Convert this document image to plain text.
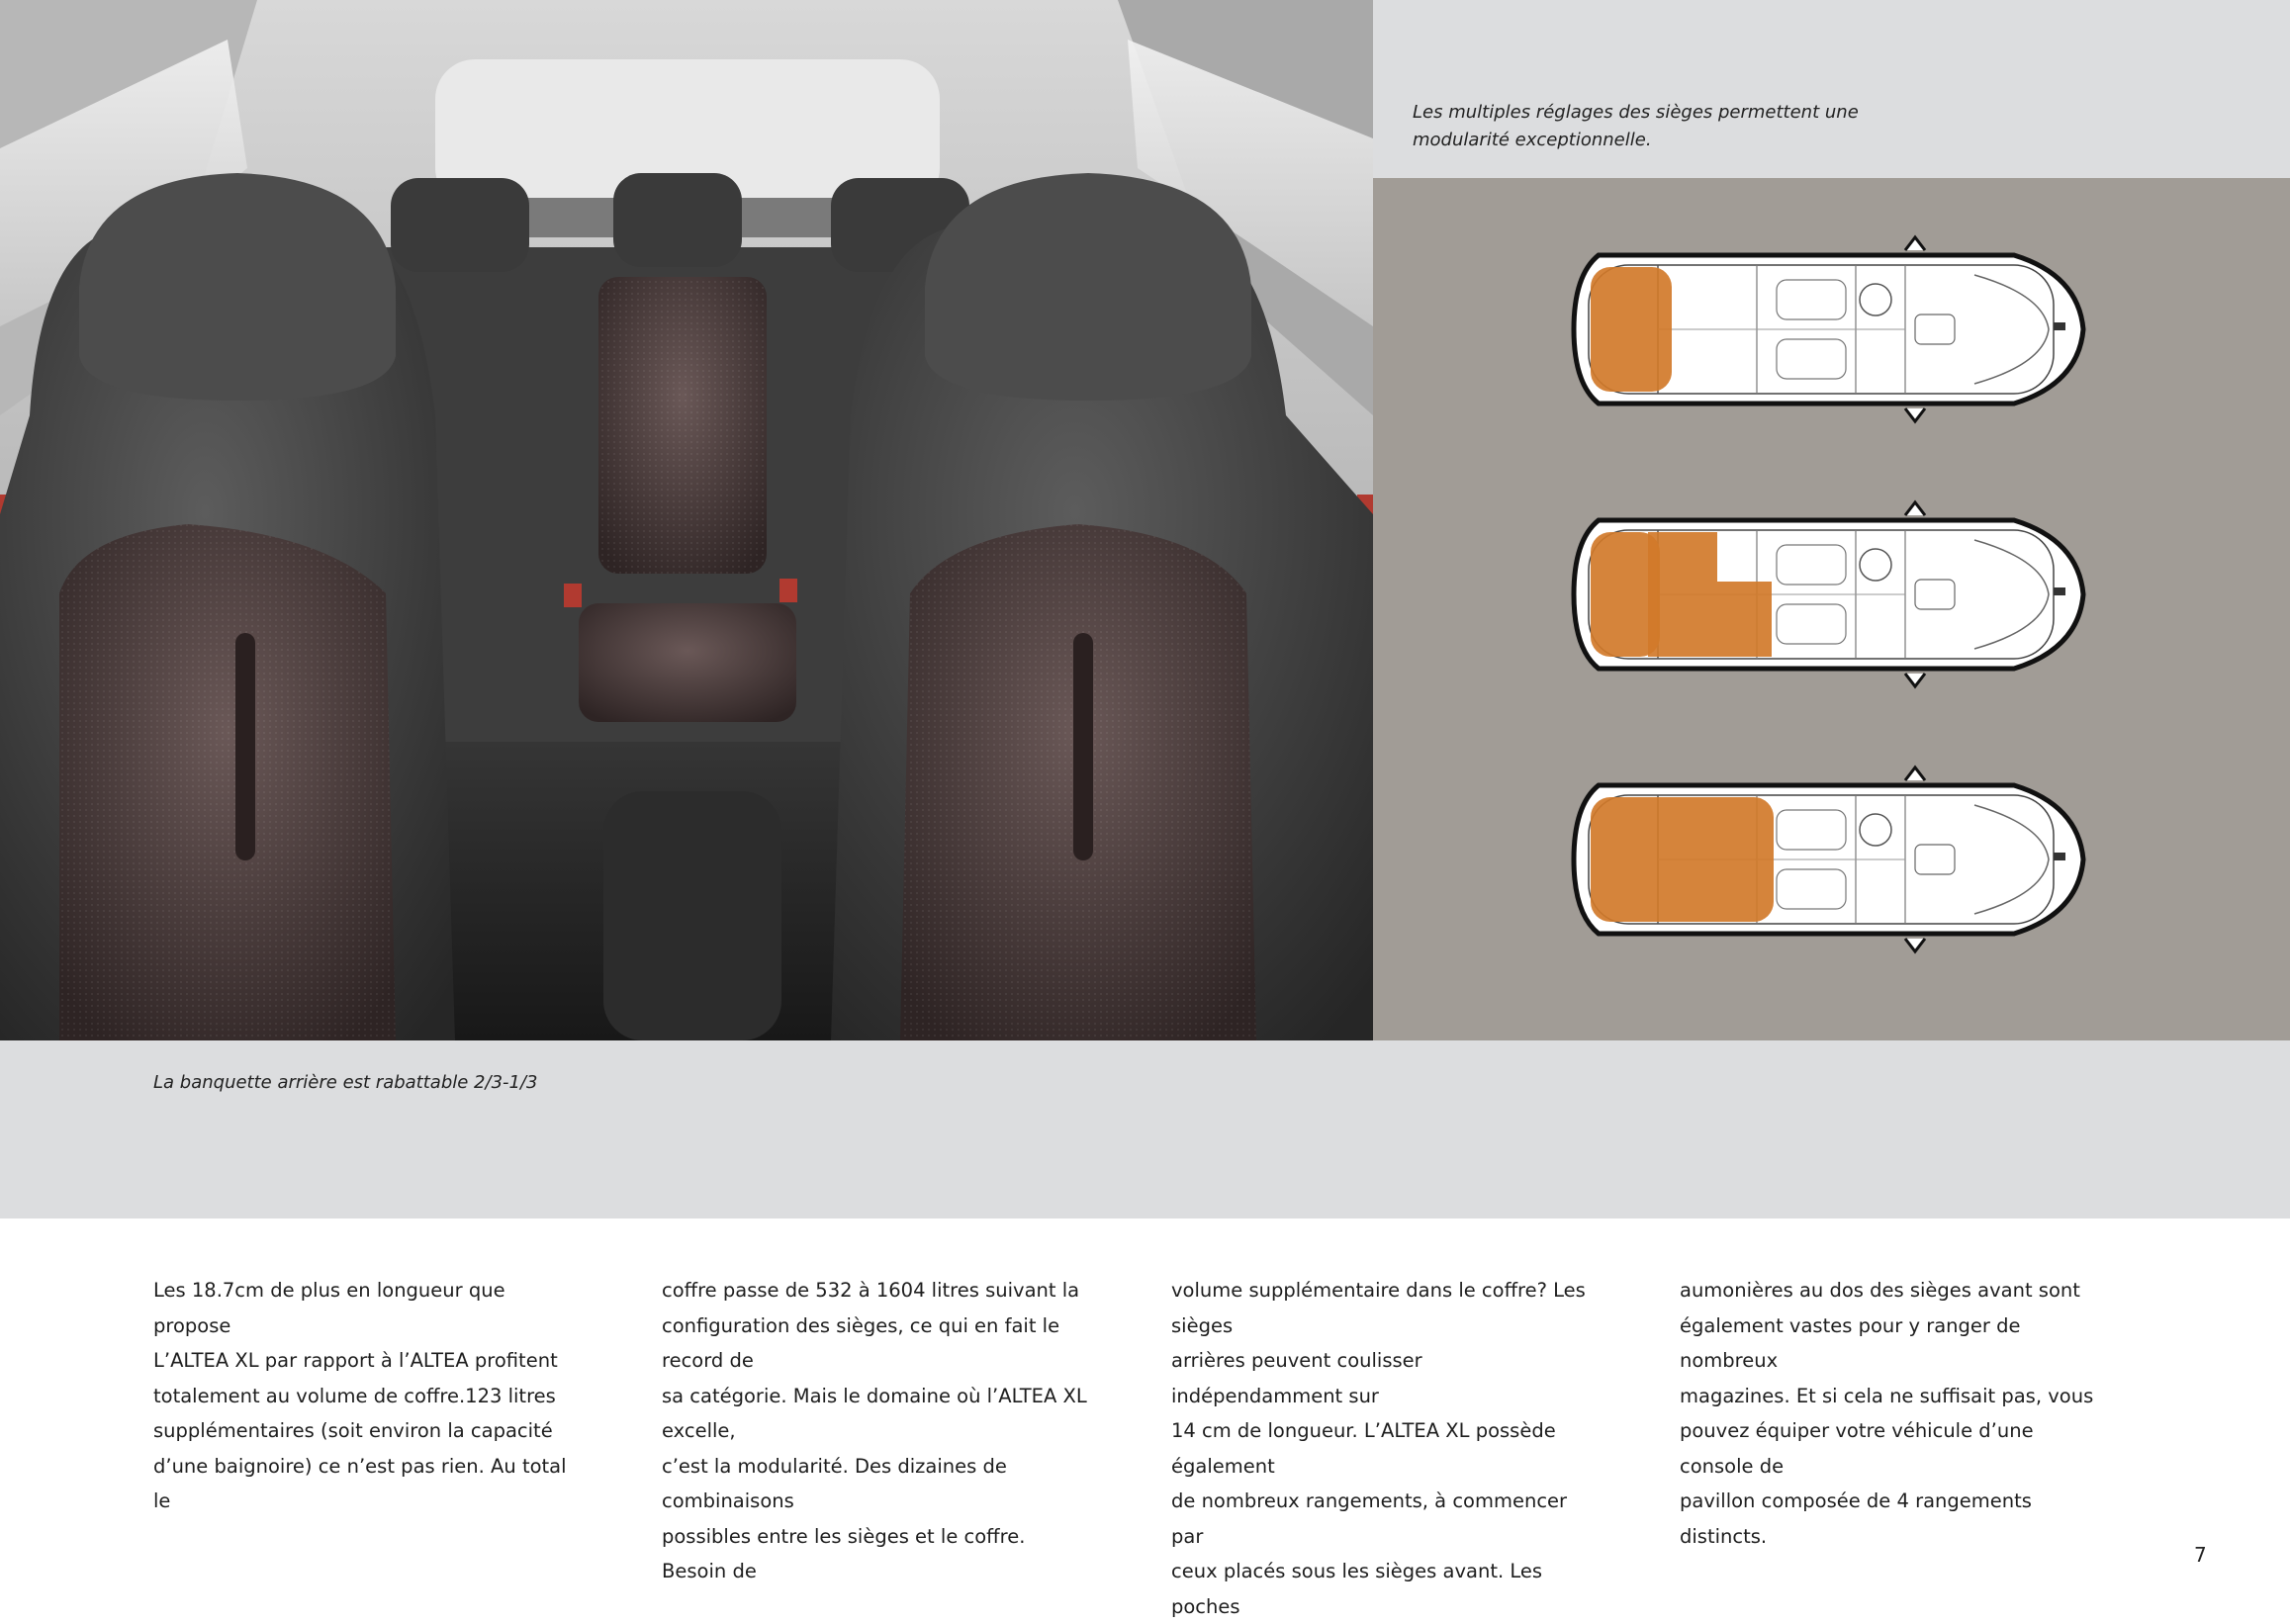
Les multiples réglages des sièges permettent une
modularité exceptionnelle.
La banquette arrière est rabattable 2/3-1/3
Les 18.7cm de plus en longueur que propose
L’ALTEA XL par rapport à l’ALTEA profitent
totalement au volume de coffre.123 litres
supplémentaires (soit environ la capacité
d’une baignoire) ce n’est pas rien. Au total le
coffre passe de 532 à 1604 litres suivant la
configuration des sièges, ce qui en fait le record de
sa catégorie. Mais le domaine où l’ALTEA XL excelle,
c’est la modularité. Des dizaines de combinaisons
possibles entre les sièges et le coffre. Besoin de
volume supplémentaire dans le coffre? Les sièges
arrières peuvent coulisser indépendamment sur
14 cm de longueur. L’ALTEA XL possède également
de nombreux rangements, à commencer par
ceux placés sous les sièges avant. Les poches
aumonières au dos des sièges avant sont
également vastes pour y ranger de nombreux
magazines. Et si cela ne suffisait pas, vous
pouvez équiper votre véhicule d’une console de
pavillon composée de 4 rangements distincts.
7
